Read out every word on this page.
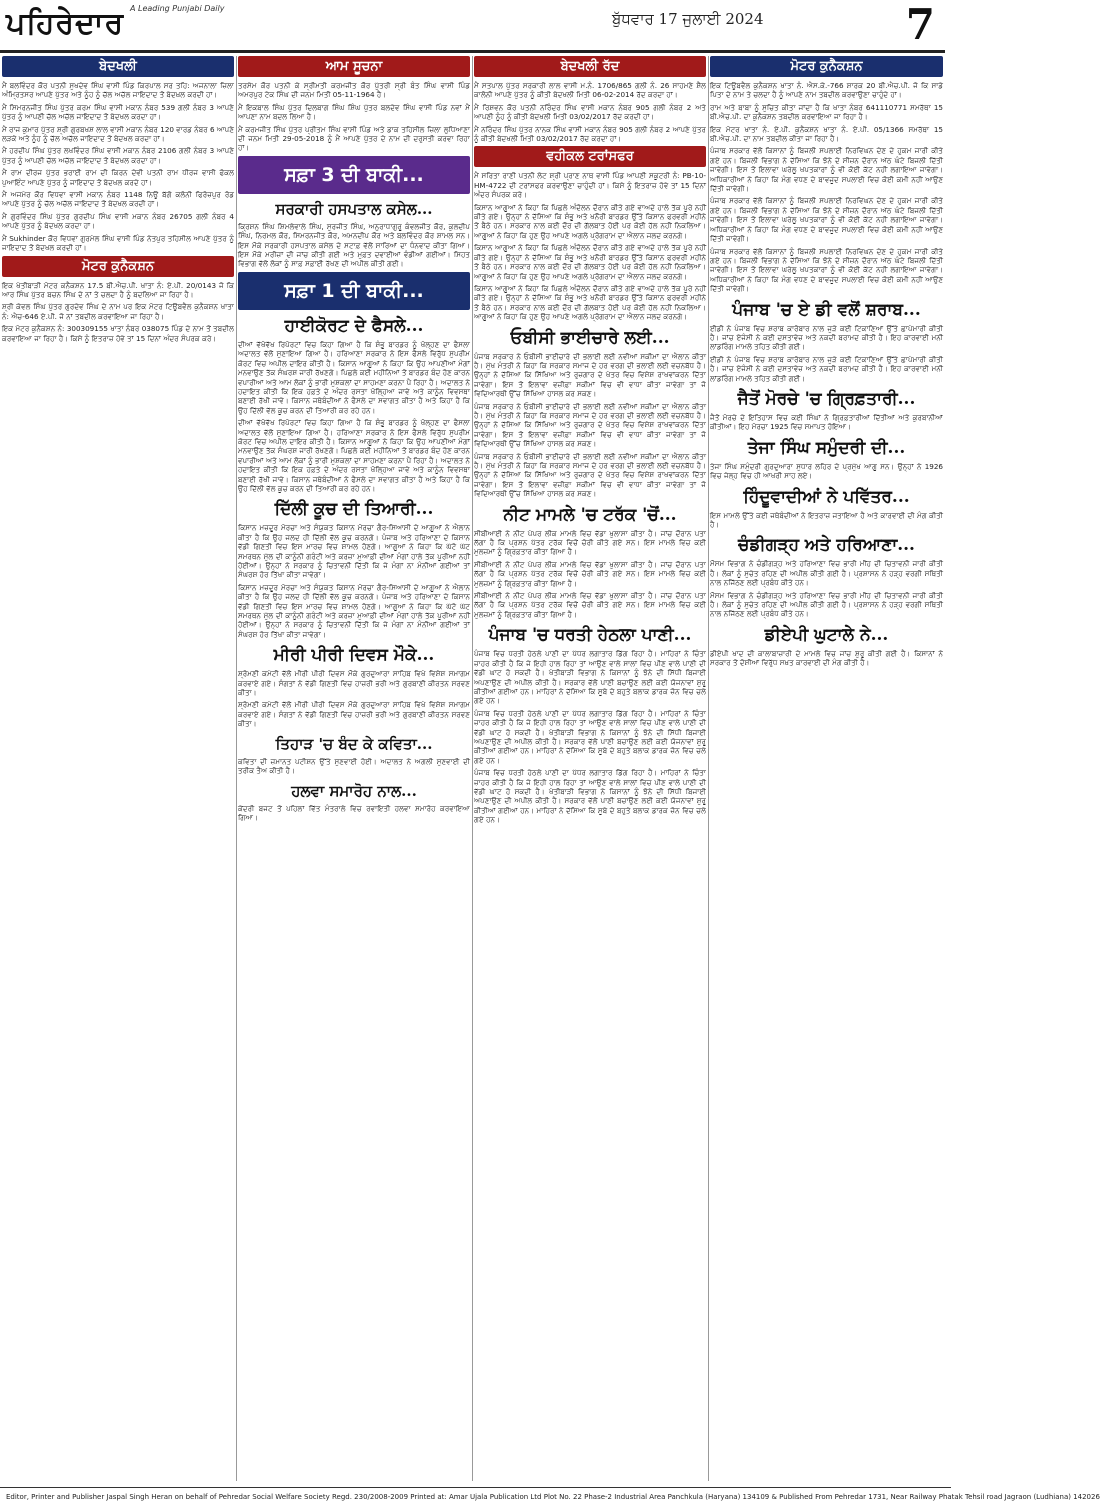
ਪਹਿਰੇਦਾਰ A Leading Punjabi Daily
ਬੁੱਧਵਾਰ 17 ਜੁਲਾਈ 2024	7
ਬੇਦਖਲੀ
ਮੈਂ ਬਲਵਿੰਦਰ ਕੌਰ ਪਤਨੀ ਸੁਖਦੇਵ ਸਿੰਘ ਵਾਸੀ ਪਿੰਡ ਕਿਰਪਾਲ ਸਰ ਤਹਿ: ਅਜਨਾਲਾ ਜ਼ਿਲਾ ਅੰਮ੍ਰਿਤਸਰ ਆਪਣੇ ਪੁੱਤਰ ਅਤੇ ਨੂੰਹ ਨੂੰ ਚੱਲ ਅਚੱਲ ਜਾਇਦਾਦ ਤੋਂ ਬੇਦਖ਼ਲ ਕਰਦੀ ਹਾਂ।
ਮੈਂ ਸਿਮਰਨਜੀਤ ਸਿੰਘ ਪੁੱਤਰ ਕਰਮ ਸਿੰਘ ਵਾਸੀ ਮਕਾਨ ਨੰਬਰ 539 ਗਲੀ ਨੰਬਰ 3 ਆਪਣੇ ਪੁੱਤਰ ਨੂੰ ਆਪਣੀ ਚੱਲ ਅਚੱਲ ਜਾਇਦਾਦ ਤੋਂ ਬੇਦਖਲ ਕਰਦਾ ਹਾਂ।
ਮੈਂ ਰਾਜ ਕੁਮਾਰ ਪੁੱਤਰ ਸ਼੍ਰੀ ਗੁਰਬਖਸ਼ ਲਾਲ ਵਾਸੀ ਮਕਾਨ ਨੰਬਰ 120 ਵਾਰਡ ਨੰਬਰ 6 ਆਪਣੇ ਲੜਕੇ ਅਤੇ ਨੂੰਹ ਨੂੰ ਚੱਲ ਅਚੱਲ ਜਾਇਦਾਦ ਤੋਂ ਬੇਦਖਲ ਕਰਦਾ ਹਾਂ।
ਮੈਂ ਹਰਦੀਪ ਸਿੰਘ ਪੁੱਤਰ ਲਖਵਿੰਦਰ ਸਿੰਘ ਵਾਸੀ ਮਕਾਨ ਨੰਬਰ 2106 ਗਲੀ ਨੰਬਰ 3 ਆਪਣੇ ਪੁੱਤਰ ਨੂੰ ਆਪਣੀ ਚੱਲ ਅਚੱਲ ਜਾਇਦਾਦ ਤੋਂ ਬੇਦਖਲ ਕਰਦਾ ਹਾਂ।
ਮੈਂ ਰਾਮ ਦੀਰਜ ਪੁੱਤਰ ਭਰਾਈ ਰਾਮ ਦੀ ਕਿਰਨ ਦੇਵੀ ਪਤਨੀ ਰਾਮ ਧੀਰਜ ਵਾਸੀ ਫੋਕਲ ਪੁਆਇੰਟ ਆਪਣੇ ਪੁੱਤਰ ਨੂੰ ਜਾਇਦਾਦ ਤੋਂ ਬੇਦਖਲ ਕਰਦੇ ਹਾਂ।
ਮੈਂ ਅਜਮੇਰ ਕੌਰ ਵਿਧਵਾ ਵਾਸੀ ਮਕਾਨ ਨੰਬਰ 1148 ਨਿਊ ਬੱਗੋ ਕਲੋਨੀ ਫਿਰੋਜ਼ਪੁਰ ਰੋਡ ਆਪਣੇ ਪੁੱਤਰ ਨੂੰ ਚੱਲ ਅਚੱਲ ਜਾਇਦਾਦ ਤੋਂ ਬੇਦਖਲ ਕਰਦੀ ਹਾਂ।
ਮੈਂ ਗੁਰਵਿੰਦਰ ਸਿੰਘ ਪੁੱਤਰ ਗੁਰਦੀਪ ਸਿੰਘ ਵਾਸੀ ਮਕਾਨ ਨੰਬਰ 26705 ਗਲੀ ਨੰਬਰ 4 ਆਪਣੇ ਪੁੱਤਰ ਨੂੰ ਬੇਦਖਲ ਕਰਦਾ ਹਾਂ।
ਮੈਂ Sukhinder ਕੌਰ ਵਿਧਵਾ ਗੁਰਮੇਲ ਸਿੰਘ ਵਾਸੀ ਪਿੰਡ ਨੇਤਪੁਰ ਤਹਿਸੀਲ ਆਪਣੇ ਪੁੱਤਰ ਨੂੰ ਜਾਇਦਾਦ ਤੋਂ ਬੇਦਖਲ ਕਰਦੀ ਹਾਂ।
ਮੋਟਰ ਕੁਨੈਕਸ਼ਨ
ਇਕ ਖੇਤੀਬਾੜੀ ਮੋਟਰ ਕਨੈਕਸ਼ਨ 17.5 ਬੀ.ਐਚ.ਪੀ. ਖਾਤਾ ਨੰ: ਏ.ਪੀ. 20/0143 ਜੋ ਕਿ ਆਰ ਸਿੰਘ ਪੁੱਤਰ ਬਚਨ ਸਿੰਘ ਦੇ ਨਾਂ ਤੇ ਚਲਦਾ ਹੈ ਨੂੰ ਬਦਲਿਆ ਜਾ ਰਿਹਾ ਹੈ।
ਸ਼੍ਰੀ ਕੇਵਲ ਸਿੰਘ ਪੁੱਤਰ ਗੁਰਦੇਵ ਸਿੰਘ ਦੇ ਨਾਮ ਪਰ ਇਕ ਮੋਟਰ ਟਿਊਬਵੈਲ ਕੁਨੈਕਸ਼ਨ ਖਾਤਾ ਨੰ: ਐਚ-646 ਏ.ਪੀ. ਜੋ ਨਾਂ ਤਬਦੀਲ ਕਰਵਾਇਆ ਜਾ ਰਿਹਾ ਹੈ।
ਇਕ ਮੋਟਰ ਕੁਨੈਕਸ਼ਨ ਨੰ: 300309155 ਖਾਤਾ ਨੰਬਰ 038075 ਪਿੰਡ ਦੇ ਨਾਮ ਤੋਂ ਤਬਦੀਲ ਕਰਵਾਇਆ ਜਾ ਰਿਹਾ ਹੈ। ਕਿਸੇ ਨੂੰ ਇਤਰਾਜ਼ ਹੋਵੇ ਤਾਂ 15 ਦਿਨਾਂ ਅੰਦਰ ਸੰਪਰਕ ਕਰੇ।
ਆਮ ਸੂਚਨਾ
ਤਰਸੇਮ ਕੌਰ ਪਤਨੀ ਕੇ ਸ੍ਰੀਮਤੀ ਕਰਮਜੀਤ ਕੌਰ ਪੁੱਤਰੀ ਸ੍ਰੀ ਬੰਤ ਸਿੰਘ ਵਾਸੀ ਪਿੰਡ ਅਮਰਪੁਰ ਟੇਕ ਸਿੰਘ ਦੀ ਜਨਮ ਮਿਤੀ 05-11-1964 ਹੈ।
ਮੈਂ ਇਕਬਾਲ ਸਿੰਘ ਪੁੱਤਰ ਦਿਲਬਾਗ ਸਿੰਘ ਸ਼ਿੰਘ ਪੁੱਤਰ ਬਲਦੇਵ ਸਿੰਘ ਵਾਸੀ ਪਿੰਡ ਨਵਾਂ ਮੈਂ ਆਪਣਾ ਨਾਮ ਬਦਲ ਲਿਆ ਹੈ।
ਮੈਂ ਕਰਮਜੀਤ ਸਿੰਘ ਪੁੱਤਰ ਪ੍ਰੀਤਮ ਸਿੰਘ ਵਾਸੀ ਪਿੰਡ ਅਤੇ ਡਾਕ ਤਹਿਸੀਲ ਜ਼ਿਲਾ ਲੁਧਿਆਣਾ ਦੀ ਜਨਮ ਮਿਤੀ 29-05-2018 ਨੂੰ ਮੈਂ ਆਪਣੇ ਪੁੱਤਰ ਦੇ ਨਾਮ ਦੀ ਦਰੁਸਤੀ ਕਰਵਾ ਰਿਹਾ ਹਾਂ।
ਸਫ਼ਾ 3 ਦੀ ਬਾਕੀ...
ਸਰਕਾਰੀ ਹਸਪਤਾਲ ਕਸੇਲ...

ਕ੍ਰਿਸ਼ਨ ਸਿੰਘ ਸ਼ਿਮਲੇਵਾਲੇ ਸਿੰਘ, ਸੁਰਜੀਤ ਸਿੰਘ, ਅਨੁਰਾਧਾਗੁਰੂ ਕੰਵਲਜੀਤ ਕੌਰ, ਕੁਲਦੀਪ ਸਿੰਘ, ਨਿਰਮਲ ਕੌਰ, ਸਿਮਰਨਜੀਤ ਕੌਰ, ਅਮਨਦੀਪ ਕੌਰ ਅਤੇ ਬਲਵਿੰਦਰ ਕੌਰ ਸ਼ਾਮਲ ਸਨ। ਇਸ ਮੌਕੇ ਸਰਕਾਰੀ ਹਸਪਤਾਲ ਕਸੇਲ ਦੇ ਸਟਾਫ਼ ਵੱਲੋਂ ਸਾਰਿਆਂ ਦਾ ਧੰਨਵਾਦ ਕੀਤਾ ਗਿਆ। ਇਸ ਮੌਕੇ ਮਰੀਜ਼ਾਂ ਦੀ ਜਾਂਚ ਕੀਤੀ ਗਈ ਅਤੇ ਮੁਫ਼ਤ ਦਵਾਈਆਂ ਵੰਡੀਆਂ ਗਈਆਂ। ਸਿਹਤ ਵਿਭਾਗ ਵੱਲੋਂ ਲੋਕਾਂ ਨੂੰ ਸਾਫ਼ ਸਫ਼ਾਈ ਰੱਖਣ ਦੀ ਅਪੀਲ ਕੀਤੀ ਗਈ।

ਸਫ਼ਾ 1 ਦੀ ਬਾਕੀ...
ਹਾਈਕੋਰਟ ਦੇ ਫੈਸਲੇ...

ਦੀਆਂ ਵੱਖੋਵੱਖ ਰਿਪੋਰਟਾਂ ਵਿਚ ਕਿਹਾ ਗਿਆ ਹੈ ਕਿ ਸ਼ੰਭੂ ਬਾਰਡਰ ਨੂੰ ਖੋਲ੍ਹਣ ਦਾ ਫੈਸਲਾ ਅਦਾਲਤ ਵੱਲੋਂ ਸੁਣਾਇਆ ਗਿਆ ਹੈ। ਹਰਿਆਣਾ ਸਰਕਾਰ ਨੇ ਇਸ ਫੈਸਲੇ ਵਿਰੁੱਧ ਸੁਪਰੀਮ ਕੋਰਟ ਵਿਚ ਅਪੀਲ ਦਾਇਰ ਕੀਤੀ ਹੈ। ਕਿਸਾਨ ਆਗੂਆਂ ਨੇ ਕਿਹਾ ਕਿ ਉਹ ਆਪਣੀਆਂ ਮੰਗਾਂ ਮਨਵਾਉਣ ਤੱਕ ਸੰਘਰਸ਼ ਜਾਰੀ ਰੱਖਣਗੇ। ਪਿਛਲੇ ਕਈ ਮਹੀਨਿਆਂ ਤੋਂ ਬਾਰਡਰ ਬੰਦ ਹੋਣ ਕਾਰਨ ਵਪਾਰੀਆਂ ਅਤੇ ਆਮ ਲੋਕਾਂ ਨੂੰ ਭਾਰੀ ਮੁਸ਼ਕਲਾਂ ਦਾ ਸਾਹਮਣਾ ਕਰਨਾ ਪੈ ਰਿਹਾ ਹੈ। ਅਦਾਲਤ ਨੇ ਹਦਾਇਤ ਕੀਤੀ ਕਿ ਇਕ ਹਫ਼ਤੇ ਦੇ ਅੰਦਰ ਰਸਤਾ ਖੋਲ੍ਹਿਆ ਜਾਵੇ ਅਤੇ ਕਾਨੂੰਨ ਵਿਵਸਥਾ ਬਣਾਈ ਰੱਖੀ ਜਾਵੇ। ਕਿਸਾਨ ਜਥੇਬੰਦੀਆਂ ਨੇ ਫੈਸਲੇ ਦਾ ਸਵਾਗਤ ਕੀਤਾ ਹੈ ਅਤੇ ਕਿਹਾ ਹੈ ਕਿ ਉਹ ਦਿੱਲੀ ਵੱਲ ਕੂਚ ਕਰਨ ਦੀ ਤਿਆਰੀ ਕਰ ਰਹੇ ਹਨ।

ਦੀਆਂ ਵੱਖੋਵੱਖ ਰਿਪੋਰਟਾਂ ਵਿਚ ਕਿਹਾ ਗਿਆ ਹੈ ਕਿ ਸ਼ੰਭੂ ਬਾਰਡਰ ਨੂੰ ਖੋਲ੍ਹਣ ਦਾ ਫੈਸਲਾ ਅਦਾਲਤ ਵੱਲੋਂ ਸੁਣਾਇਆ ਗਿਆ ਹੈ। ਹਰਿਆਣਾ ਸਰਕਾਰ ਨੇ ਇਸ ਫੈਸਲੇ ਵਿਰੁੱਧ ਸੁਪਰੀਮ ਕੋਰਟ ਵਿਚ ਅਪੀਲ ਦਾਇਰ ਕੀਤੀ ਹੈ। ਕਿਸਾਨ ਆਗੂਆਂ ਨੇ ਕਿਹਾ ਕਿ ਉਹ ਆਪਣੀਆਂ ਮੰਗਾਂ ਮਨਵਾਉਣ ਤੱਕ ਸੰਘਰਸ਼ ਜਾਰੀ ਰੱਖਣਗੇ। ਪਿਛਲੇ ਕਈ ਮਹੀਨਿਆਂ ਤੋਂ ਬਾਰਡਰ ਬੰਦ ਹੋਣ ਕਾਰਨ ਵਪਾਰੀਆਂ ਅਤੇ ਆਮ ਲੋਕਾਂ ਨੂੰ ਭਾਰੀ ਮੁਸ਼ਕਲਾਂ ਦਾ ਸਾਹਮਣਾ ਕਰਨਾ ਪੈ ਰਿਹਾ ਹੈ। ਅਦਾਲਤ ਨੇ ਹਦਾਇਤ ਕੀਤੀ ਕਿ ਇਕ ਹਫ਼ਤੇ ਦੇ ਅੰਦਰ ਰਸਤਾ ਖੋਲ੍ਹਿਆ ਜਾਵੇ ਅਤੇ ਕਾਨੂੰਨ ਵਿਵਸਥਾ ਬਣਾਈ ਰੱਖੀ ਜਾਵੇ। ਕਿਸਾਨ ਜਥੇਬੰਦੀਆਂ ਨੇ ਫੈਸਲੇ ਦਾ ਸਵਾਗਤ ਕੀਤਾ ਹੈ ਅਤੇ ਕਿਹਾ ਹੈ ਕਿ ਉਹ ਦਿੱਲੀ ਵੱਲ ਕੂਚ ਕਰਨ ਦੀ ਤਿਆਰੀ ਕਰ ਰਹੇ ਹਨ।

ਦਿੱਲੀ ਕੂਚ ਦੀ ਤਿਆਰੀ...

ਕਿਸਾਨ ਮਜ਼ਦੂਰ ਮੋਰਚਾ ਅਤੇ ਸੰਯੁਕਤ ਕਿਸਾਨ ਮੋਰਚਾ ਗੈਰ-ਸਿਆਸੀ ਦੇ ਆਗੂਆਂ ਨੇ ਐਲਾਨ ਕੀਤਾ ਹੈ ਕਿ ਉਹ ਜਲਦ ਹੀ ਦਿੱਲੀ ਵੱਲ ਕੂਚ ਕਰਨਗੇ। ਪੰਜਾਬ ਅਤੇ ਹਰਿਆਣਾ ਦੇ ਕਿਸਾਨ ਵੱਡੀ ਗਿਣਤੀ ਵਿਚ ਇਸ ਮਾਰਚ ਵਿਚ ਸ਼ਾਮਲ ਹੋਣਗੇ। ਆਗੂਆਂ ਨੇ ਕਿਹਾ ਕਿ ਘੱਟੋ ਘੱਟ ਸਮਰਥਨ ਮੁੱਲ ਦੀ ਕਾਨੂੰਨੀ ਗਰੰਟੀ ਅਤੇ ਕਰਜ਼ਾ ਮੁਆਫ਼ੀ ਦੀਆਂ ਮੰਗਾਂ ਹਾਲੇ ਤੱਕ ਪੂਰੀਆਂ ਨਹੀਂ ਹੋਈਆਂ। ਉਨ੍ਹਾਂ ਨੇ ਸਰਕਾਰ ਨੂੰ ਚਿਤਾਵਨੀ ਦਿੱਤੀ ਕਿ ਜੇ ਮੰਗਾਂ ਨਾ ਮੰਨੀਆਂ ਗਈਆਂ ਤਾਂ ਸੰਘਰਸ਼ ਹੋਰ ਤਿੱਖਾ ਕੀਤਾ ਜਾਵੇਗਾ।

ਕਿਸਾਨ ਮਜ਼ਦੂਰ ਮੋਰਚਾ ਅਤੇ ਸੰਯੁਕਤ ਕਿਸਾਨ ਮੋਰਚਾ ਗੈਰ-ਸਿਆਸੀ ਦੇ ਆਗੂਆਂ ਨੇ ਐਲਾਨ ਕੀਤਾ ਹੈ ਕਿ ਉਹ ਜਲਦ ਹੀ ਦਿੱਲੀ ਵੱਲ ਕੂਚ ਕਰਨਗੇ। ਪੰਜਾਬ ਅਤੇ ਹਰਿਆਣਾ ਦੇ ਕਿਸਾਨ ਵੱਡੀ ਗਿਣਤੀ ਵਿਚ ਇਸ ਮਾਰਚ ਵਿਚ ਸ਼ਾਮਲ ਹੋਣਗੇ। ਆਗੂਆਂ ਨੇ ਕਿਹਾ ਕਿ ਘੱਟੋ ਘੱਟ ਸਮਰਥਨ ਮੁੱਲ ਦੀ ਕਾਨੂੰਨੀ ਗਰੰਟੀ ਅਤੇ ਕਰਜ਼ਾ ਮੁਆਫ਼ੀ ਦੀਆਂ ਮੰਗਾਂ ਹਾਲੇ ਤੱਕ ਪੂਰੀਆਂ ਨਹੀਂ ਹੋਈਆਂ। ਉਨ੍ਹਾਂ ਨੇ ਸਰਕਾਰ ਨੂੰ ਚਿਤਾਵਨੀ ਦਿੱਤੀ ਕਿ ਜੇ ਮੰਗਾਂ ਨਾ ਮੰਨੀਆਂ ਗਈਆਂ ਤਾਂ ਸੰਘਰਸ਼ ਹੋਰ ਤਿੱਖਾ ਕੀਤਾ ਜਾਵੇਗਾ।

ਮੀਰੀ ਪੀਰੀ ਦਿਵਸ ਮੌਕੇ...

ਸ਼੍ਰੋਮਣੀ ਕਮੇਟੀ ਵੱਲੋਂ ਮੀਰੀ ਪੀਰੀ ਦਿਵਸ ਮੌਕੇ ਗੁਰਦੁਆਰਾ ਸਾਹਿਬ ਵਿਖੇ ਵਿਸ਼ੇਸ਼ ਸਮਾਗਮ ਕਰਵਾਏ ਗਏ। ਸੰਗਤਾਂ ਨੇ ਵੱਡੀ ਗਿਣਤੀ ਵਿਚ ਹਾਜ਼ਰੀ ਭਰੀ ਅਤੇ ਗੁਰਬਾਣੀ ਕੀਰਤਨ ਸਰਵਣ ਕੀਤਾ।

ਸ਼੍ਰੋਮਣੀ ਕਮੇਟੀ ਵੱਲੋਂ ਮੀਰੀ ਪੀਰੀ ਦਿਵਸ ਮੌਕੇ ਗੁਰਦੁਆਰਾ ਸਾਹਿਬ ਵਿਖੇ ਵਿਸ਼ੇਸ਼ ਸਮਾਗਮ ਕਰਵਾਏ ਗਏ। ਸੰਗਤਾਂ ਨੇ ਵੱਡੀ ਗਿਣਤੀ ਵਿਚ ਹਾਜ਼ਰੀ ਭਰੀ ਅਤੇ ਗੁਰਬਾਣੀ ਕੀਰਤਨ ਸਰਵਣ ਕੀਤਾ।

ਤਿਹਾੜ 'ਚ ਬੰਦ ਕੇ ਕਵਿਤਾ...

ਕਵਿਤਾ ਦੀ ਜ਼ਮਾਨਤ ਪਟੀਸ਼ਨ ਉੱਤੇ ਸੁਣਵਾਈ ਹੋਈ। ਅਦਾਲਤ ਨੇ ਅਗਲੀ ਸੁਣਵਾਈ ਦੀ ਤਰੀਕ ਤੈਅ ਕੀਤੀ ਹੈ।

ਹਲਵਾ ਸਮਾਰੋਹ ਨਾਲ...

ਕੇਂਦਰੀ ਬਜਟ ਤੋਂ ਪਹਿਲਾਂ ਵਿੱਤ ਮੰਤਰਾਲੇ ਵਿਚ ਰਵਾਇਤੀ ਹਲਵਾ ਸਮਾਰੋਹ ਕਰਵਾਇਆ ਗਿਆ।

ਬੇਦਖਲੀ ਰੱਦ
ਮੈਂ ਸਤਪਾਲ ਪੁੱਤਰ ਸਰਕਾਰੀ ਲਾਲ ਵਾਸੀ ਮ.ਨੰ. 1706/865 ਗਲੀ ਨੰ. 26 ਸਾਹਮਣੇ ਸ਼ੈਲ ਕਾਲੋਨੀ ਆਪਣੇ ਪੁੱਤਰ ਨੂੰ ਕੀਤੀ ਬੇਦਖਲੀ ਮਿਤੀ 06-02-2014 ਰੱਦ ਕਰਦਾ ਹਾਂ।
ਮੈਂ ਰਿਸ਼ਵਨ ਕੌਰ ਪਤਨੀ ਨਰਿੰਦਰ ਸਿੰਘ ਵਾਸੀ ਮਕਾਨ ਨੰਬਰ 905 ਗਲੀ ਨੰਬਰ 2 ਅਤੇ ਆਪਣੀ ਨੂੰਹ ਨੂੰ ਕੀਤੀ ਬੇਦਖਲੀ ਮਿਤੀ 03/02/2017 ਰੱਦ ਕਰਦੀ ਹਾਂ।
ਮੈਂ ਨਰਿੰਦਰ ਸਿੰਘ ਪੁੱਤਰ ਨਾਨਕ ਸਿੰਘ ਵਾਸੀ ਮਕਾਨ ਨੰਬਰ 905 ਗਲੀ ਨੰਬਰ 2 ਆਪਣੇ ਪੁੱਤਰ ਨੂੰ ਕੀਤੀ ਬੇਦਖਲੀ ਮਿਤੀ 03/02/2017 ਰੱਦ ਕਰਦਾ ਹਾਂ।
ਵਹੀਕਲ ਟਰਾਂਸਫਰ
ਮੈਂ ਸਰਿਤਾ ਰਾਣੀ ਪਤਨੀ ਲੇਟ ਸ਼੍ਰੀ ਪ੍ਰਾਣ ਨਾਥ ਵਾਸੀ ਪਿੰਡ ਆਪਣੀ ਸਕੂਟਰੀ ਨੰ: PB-10-HM-4722 ਦੀ ਟਰਾਂਸਫਰ ਕਰਵਾਉਣਾ ਚਾਹੁੰਦੀ ਹਾਂ। ਕਿਸੇ ਨੂੰ ਇਤਰਾਜ਼ ਹੋਵੇ ਤਾਂ 15 ਦਿਨਾਂ ਅੰਦਰ ਸੰਪਰਕ ਕਰੇ।

ਕਿਸਾਨ ਆਗੂਆਂ ਨੇ ਕਿਹਾ ਕਿ ਪਿਛਲੇ ਅੰਦੋਲਨ ਦੌਰਾਨ ਕੀਤੇ ਗਏ ਵਾਅਦੇ ਹਾਲੇ ਤੱਕ ਪੂਰੇ ਨਹੀਂ ਕੀਤੇ ਗਏ। ਉਨ੍ਹਾਂ ਨੇ ਦੱਸਿਆ ਕਿ ਸ਼ੰਭੂ ਅਤੇ ਖਨੌਰੀ ਬਾਰਡਰ ਉੱਤੇ ਕਿਸਾਨ ਫਰਵਰੀ ਮਹੀਨੇ ਤੋਂ ਬੈਠੇ ਹਨ। ਸਰਕਾਰ ਨਾਲ ਕਈ ਦੌਰ ਦੀ ਗੱਲਬਾਤ ਹੋਈ ਪਰ ਕੋਈ ਹੱਲ ਨਹੀਂ ਨਿਕਲਿਆ। ਆਗੂਆਂ ਨੇ ਕਿਹਾ ਕਿ ਹੁਣ ਉਹ ਆਪਣੇ ਅਗਲੇ ਪ੍ਰੋਗਰਾਮ ਦਾ ਐਲਾਨ ਜਲਦ ਕਰਨਗੇ।

ਕਿਸਾਨ ਆਗੂਆਂ ਨੇ ਕਿਹਾ ਕਿ ਪਿਛਲੇ ਅੰਦੋਲਨ ਦੌਰਾਨ ਕੀਤੇ ਗਏ ਵਾਅਦੇ ਹਾਲੇ ਤੱਕ ਪੂਰੇ ਨਹੀਂ ਕੀਤੇ ਗਏ। ਉਨ੍ਹਾਂ ਨੇ ਦੱਸਿਆ ਕਿ ਸ਼ੰਭੂ ਅਤੇ ਖਨੌਰੀ ਬਾਰਡਰ ਉੱਤੇ ਕਿਸਾਨ ਫਰਵਰੀ ਮਹੀਨੇ ਤੋਂ ਬੈਠੇ ਹਨ। ਸਰਕਾਰ ਨਾਲ ਕਈ ਦੌਰ ਦੀ ਗੱਲਬਾਤ ਹੋਈ ਪਰ ਕੋਈ ਹੱਲ ਨਹੀਂ ਨਿਕਲਿਆ। ਆਗੂਆਂ ਨੇ ਕਿਹਾ ਕਿ ਹੁਣ ਉਹ ਆਪਣੇ ਅਗਲੇ ਪ੍ਰੋਗਰਾਮ ਦਾ ਐਲਾਨ ਜਲਦ ਕਰਨਗੇ।

ਕਿਸਾਨ ਆਗੂਆਂ ਨੇ ਕਿਹਾ ਕਿ ਪਿਛਲੇ ਅੰਦੋਲਨ ਦੌਰਾਨ ਕੀਤੇ ਗਏ ਵਾਅਦੇ ਹਾਲੇ ਤੱਕ ਪੂਰੇ ਨਹੀਂ ਕੀਤੇ ਗਏ। ਉਨ੍ਹਾਂ ਨੇ ਦੱਸਿਆ ਕਿ ਸ਼ੰਭੂ ਅਤੇ ਖਨੌਰੀ ਬਾਰਡਰ ਉੱਤੇ ਕਿਸਾਨ ਫਰਵਰੀ ਮਹੀਨੇ ਤੋਂ ਬੈਠੇ ਹਨ। ਸਰਕਾਰ ਨਾਲ ਕਈ ਦੌਰ ਦੀ ਗੱਲਬਾਤ ਹੋਈ ਪਰ ਕੋਈ ਹੱਲ ਨਹੀਂ ਨਿਕਲਿਆ। ਆਗੂਆਂ ਨੇ ਕਿਹਾ ਕਿ ਹੁਣ ਉਹ ਆਪਣੇ ਅਗਲੇ ਪ੍ਰੋਗਰਾਮ ਦਾ ਐਲਾਨ ਜਲਦ ਕਰਨਗੇ।

ਓਬੀਸੀ ਭਾਈਚਾਰੇ ਲਈ...

ਪੰਜਾਬ ਸਰਕਾਰ ਨੇ ਓਬੀਸੀ ਭਾਈਚਾਰੇ ਦੀ ਭਲਾਈ ਲਈ ਨਵੀਆਂ ਸਕੀਮਾਂ ਦਾ ਐਲਾਨ ਕੀਤਾ ਹੈ। ਮੁੱਖ ਮੰਤਰੀ ਨੇ ਕਿਹਾ ਕਿ ਸਰਕਾਰ ਸਮਾਜ ਦੇ ਹਰ ਵਰਗ ਦੀ ਭਲਾਈ ਲਈ ਵਚਨਬੱਧ ਹੈ। ਉਨ੍ਹਾਂ ਨੇ ਦੱਸਿਆ ਕਿ ਸਿੱਖਿਆ ਅਤੇ ਰੁਜ਼ਗਾਰ ਦੇ ਖੇਤਰ ਵਿਚ ਵਿਸ਼ੇਸ਼ ਰਾਖਵਾਂਕਰਨ ਦਿੱਤਾ ਜਾਵੇਗਾ। ਇਸ ਤੋਂ ਇਲਾਵਾ ਵਜ਼ੀਫ਼ਾ ਸਕੀਮਾਂ ਵਿਚ ਵੀ ਵਾਧਾ ਕੀਤਾ ਜਾਵੇਗਾ ਤਾਂ ਜੋ ਵਿਦਿਆਰਥੀ ਉੱਚ ਸਿੱਖਿਆ ਹਾਸਲ ਕਰ ਸਕਣ।

ਪੰਜਾਬ ਸਰਕਾਰ ਨੇ ਓਬੀਸੀ ਭਾਈਚਾਰੇ ਦੀ ਭਲਾਈ ਲਈ ਨਵੀਆਂ ਸਕੀਮਾਂ ਦਾ ਐਲਾਨ ਕੀਤਾ ਹੈ। ਮੁੱਖ ਮੰਤਰੀ ਨੇ ਕਿਹਾ ਕਿ ਸਰਕਾਰ ਸਮਾਜ ਦੇ ਹਰ ਵਰਗ ਦੀ ਭਲਾਈ ਲਈ ਵਚਨਬੱਧ ਹੈ। ਉਨ੍ਹਾਂ ਨੇ ਦੱਸਿਆ ਕਿ ਸਿੱਖਿਆ ਅਤੇ ਰੁਜ਼ਗਾਰ ਦੇ ਖੇਤਰ ਵਿਚ ਵਿਸ਼ੇਸ਼ ਰਾਖਵਾਂਕਰਨ ਦਿੱਤਾ ਜਾਵੇਗਾ। ਇਸ ਤੋਂ ਇਲਾਵਾ ਵਜ਼ੀਫ਼ਾ ਸਕੀਮਾਂ ਵਿਚ ਵੀ ਵਾਧਾ ਕੀਤਾ ਜਾਵੇਗਾ ਤਾਂ ਜੋ ਵਿਦਿਆਰਥੀ ਉੱਚ ਸਿੱਖਿਆ ਹਾਸਲ ਕਰ ਸਕਣ।

ਪੰਜਾਬ ਸਰਕਾਰ ਨੇ ਓਬੀਸੀ ਭਾਈਚਾਰੇ ਦੀ ਭਲਾਈ ਲਈ ਨਵੀਆਂ ਸਕੀਮਾਂ ਦਾ ਐਲਾਨ ਕੀਤਾ ਹੈ। ਮੁੱਖ ਮੰਤਰੀ ਨੇ ਕਿਹਾ ਕਿ ਸਰਕਾਰ ਸਮਾਜ ਦੇ ਹਰ ਵਰਗ ਦੀ ਭਲਾਈ ਲਈ ਵਚਨਬੱਧ ਹੈ। ਉਨ੍ਹਾਂ ਨੇ ਦੱਸਿਆ ਕਿ ਸਿੱਖਿਆ ਅਤੇ ਰੁਜ਼ਗਾਰ ਦੇ ਖੇਤਰ ਵਿਚ ਵਿਸ਼ੇਸ਼ ਰਾਖਵਾਂਕਰਨ ਦਿੱਤਾ ਜਾਵੇਗਾ। ਇਸ ਤੋਂ ਇਲਾਵਾ ਵਜ਼ੀਫ਼ਾ ਸਕੀਮਾਂ ਵਿਚ ਵੀ ਵਾਧਾ ਕੀਤਾ ਜਾਵੇਗਾ ਤਾਂ ਜੋ ਵਿਦਿਆਰਥੀ ਉੱਚ ਸਿੱਖਿਆ ਹਾਸਲ ਕਰ ਸਕਣ।

ਨੀਟ ਮਾਮਲੇ 'ਚ ਟਰੱਕ 'ਚੋਂ...

ਸੀਬੀਆਈ ਨੇ ਨੀਟ ਪੇਪਰ ਲੀਕ ਮਾਮਲੇ ਵਿਚ ਵੱਡਾ ਖੁਲਾਸਾ ਕੀਤਾ ਹੈ। ਜਾਂਚ ਦੌਰਾਨ ਪਤਾ ਲੱਗਾ ਹੈ ਕਿ ਪ੍ਰਸ਼ਨ ਪੱਤਰ ਟਰੱਕ ਵਿਚੋਂ ਚੋਰੀ ਕੀਤੇ ਗਏ ਸਨ। ਇਸ ਮਾਮਲੇ ਵਿਚ ਕਈ ਮੁਲਜ਼ਮਾਂ ਨੂੰ ਗ੍ਰਿਫ਼ਤਾਰ ਕੀਤਾ ਗਿਆ ਹੈ।

ਸੀਬੀਆਈ ਨੇ ਨੀਟ ਪੇਪਰ ਲੀਕ ਮਾਮਲੇ ਵਿਚ ਵੱਡਾ ਖੁਲਾਸਾ ਕੀਤਾ ਹੈ। ਜਾਂਚ ਦੌਰਾਨ ਪਤਾ ਲੱਗਾ ਹੈ ਕਿ ਪ੍ਰਸ਼ਨ ਪੱਤਰ ਟਰੱਕ ਵਿਚੋਂ ਚੋਰੀ ਕੀਤੇ ਗਏ ਸਨ। ਇਸ ਮਾਮਲੇ ਵਿਚ ਕਈ ਮੁਲਜ਼ਮਾਂ ਨੂੰ ਗ੍ਰਿਫ਼ਤਾਰ ਕੀਤਾ ਗਿਆ ਹੈ।

ਸੀਬੀਆਈ ਨੇ ਨੀਟ ਪੇਪਰ ਲੀਕ ਮਾਮਲੇ ਵਿਚ ਵੱਡਾ ਖੁਲਾਸਾ ਕੀਤਾ ਹੈ। ਜਾਂਚ ਦੌਰਾਨ ਪਤਾ ਲੱਗਾ ਹੈ ਕਿ ਪ੍ਰਸ਼ਨ ਪੱਤਰ ਟਰੱਕ ਵਿਚੋਂ ਚੋਰੀ ਕੀਤੇ ਗਏ ਸਨ। ਇਸ ਮਾਮਲੇ ਵਿਚ ਕਈ ਮੁਲਜ਼ਮਾਂ ਨੂੰ ਗ੍ਰਿਫ਼ਤਾਰ ਕੀਤਾ ਗਿਆ ਹੈ।

ਪੰਜਾਬ 'ਚ ਧਰਤੀ ਹੇਠਲਾ ਪਾਣੀ...

ਪੰਜਾਬ ਵਿਚ ਧਰਤੀ ਹੇਠਲੇ ਪਾਣੀ ਦਾ ਪੱਧਰ ਲਗਾਤਾਰ ਡਿੱਗ ਰਿਹਾ ਹੈ। ਮਾਹਿਰਾਂ ਨੇ ਚਿੰਤਾ ਜ਼ਾਹਰ ਕੀਤੀ ਹੈ ਕਿ ਜੇ ਇਹੀ ਹਾਲ ਰਿਹਾ ਤਾਂ ਆਉਣ ਵਾਲੇ ਸਾਲਾਂ ਵਿਚ ਪੀਣ ਵਾਲੇ ਪਾਣੀ ਦੀ ਵੱਡੀ ਘਾਟ ਹੋ ਸਕਦੀ ਹੈ। ਖੇਤੀਬਾੜੀ ਵਿਭਾਗ ਨੇ ਕਿਸਾਨਾਂ ਨੂੰ ਝੋਨੇ ਦੀ ਸਿੱਧੀ ਬਿਜਾਈ ਅਪਣਾਉਣ ਦੀ ਅਪੀਲ ਕੀਤੀ ਹੈ। ਸਰਕਾਰ ਵੱਲੋਂ ਪਾਣੀ ਬਚਾਉਣ ਲਈ ਕਈ ਯੋਜਨਾਵਾਂ ਸ਼ੁਰੂ ਕੀਤੀਆਂ ਗਈਆਂ ਹਨ। ਮਾਹਿਰਾਂ ਨੇ ਦੱਸਿਆ ਕਿ ਸੂਬੇ ਦੇ ਬਹੁਤੇ ਬਲਾਕ ਡਾਰਕ ਜ਼ੋਨ ਵਿਚ ਚਲੇ ਗਏ ਹਨ।

ਪੰਜਾਬ ਵਿਚ ਧਰਤੀ ਹੇਠਲੇ ਪਾਣੀ ਦਾ ਪੱਧਰ ਲਗਾਤਾਰ ਡਿੱਗ ਰਿਹਾ ਹੈ। ਮਾਹਿਰਾਂ ਨੇ ਚਿੰਤਾ ਜ਼ਾਹਰ ਕੀਤੀ ਹੈ ਕਿ ਜੇ ਇਹੀ ਹਾਲ ਰਿਹਾ ਤਾਂ ਆਉਣ ਵਾਲੇ ਸਾਲਾਂ ਵਿਚ ਪੀਣ ਵਾਲੇ ਪਾਣੀ ਦੀ ਵੱਡੀ ਘਾਟ ਹੋ ਸਕਦੀ ਹੈ। ਖੇਤੀਬਾੜੀ ਵਿਭਾਗ ਨੇ ਕਿਸਾਨਾਂ ਨੂੰ ਝੋਨੇ ਦੀ ਸਿੱਧੀ ਬਿਜਾਈ ਅਪਣਾਉਣ ਦੀ ਅਪੀਲ ਕੀਤੀ ਹੈ। ਸਰਕਾਰ ਵੱਲੋਂ ਪਾਣੀ ਬਚਾਉਣ ਲਈ ਕਈ ਯੋਜਨਾਵਾਂ ਸ਼ੁਰੂ ਕੀਤੀਆਂ ਗਈਆਂ ਹਨ। ਮਾਹਿਰਾਂ ਨੇ ਦੱਸਿਆ ਕਿ ਸੂਬੇ ਦੇ ਬਹੁਤੇ ਬਲਾਕ ਡਾਰਕ ਜ਼ੋਨ ਵਿਚ ਚਲੇ ਗਏ ਹਨ।

ਪੰਜਾਬ ਵਿਚ ਧਰਤੀ ਹੇਠਲੇ ਪਾਣੀ ਦਾ ਪੱਧਰ ਲਗਾਤਾਰ ਡਿੱਗ ਰਿਹਾ ਹੈ। ਮਾਹਿਰਾਂ ਨੇ ਚਿੰਤਾ ਜ਼ਾਹਰ ਕੀਤੀ ਹੈ ਕਿ ਜੇ ਇਹੀ ਹਾਲ ਰਿਹਾ ਤਾਂ ਆਉਣ ਵਾਲੇ ਸਾਲਾਂ ਵਿਚ ਪੀਣ ਵਾਲੇ ਪਾਣੀ ਦੀ ਵੱਡੀ ਘਾਟ ਹੋ ਸਕਦੀ ਹੈ। ਖੇਤੀਬਾੜੀ ਵਿਭਾਗ ਨੇ ਕਿਸਾਨਾਂ ਨੂੰ ਝੋਨੇ ਦੀ ਸਿੱਧੀ ਬਿਜਾਈ ਅਪਣਾਉਣ ਦੀ ਅਪੀਲ ਕੀਤੀ ਹੈ। ਸਰਕਾਰ ਵੱਲੋਂ ਪਾਣੀ ਬਚਾਉਣ ਲਈ ਕਈ ਯੋਜਨਾਵਾਂ ਸ਼ੁਰੂ ਕੀਤੀਆਂ ਗਈਆਂ ਹਨ। ਮਾਹਿਰਾਂ ਨੇ ਦੱਸਿਆ ਕਿ ਸੂਬੇ ਦੇ ਬਹੁਤੇ ਬਲਾਕ ਡਾਰਕ ਜ਼ੋਨ ਵਿਚ ਚਲੇ ਗਏ ਹਨ।

ਮੋਟਰ ਕੁਨੈਕਸ਼ਨ
ਇਕ ਟਿਊਬਵੈਲ ਕੁਨੈਕਸ਼ਨ ਖਾਤਾ ਨੰ. ਐਸ.ਕੇ.-766 ਸ਼ਾਰਕ 20 ਬੀ.ਐਚ.ਪੀ. ਜੋ ਕਿ ਸਾਡੇ ਪਿਤਾ ਦੇ ਨਾਮ ਤੇ ਚਲਦਾ ਹੈ ਨੂੰ ਆਪਣੇ ਨਾਮ ਤਬਦੀਲ ਕਰਵਾਉਣਾ ਚਾਹੁੰਦੇ ਹਾਂ।
ਰਾਮ ਅਤੇ ਬਾਬਾ ਨੂੰ ਸੁਚਿਤ ਕੀਤਾ ਜਾਂਦਾ ਹੈ ਕਿ ਖਾਤਾ ਨੰਬਰ 641110771 ਸਮਰੱਥਾ 15 ਬੀ.ਐਚ.ਪੀ. ਦਾ ਕੁਨੈਕਸ਼ਨ ਤਬਦੀਲ ਕਰਵਾਇਆ ਜਾ ਰਿਹਾ ਹੈ।
ਇਕ ਮੋਟਰ ਖਾਤਾ ਨੰ. ਏ.ਪੀ. ਕੁਨੈਕਸ਼ਨ ਖਾਤਾ ਨੰ. ਏ.ਪੀ. 05/1366 ਸਮਰੱਥਾ 15 ਬੀ.ਐਚ.ਪੀ. ਦਾ ਨਾਮ ਤਬਦੀਲ ਕੀਤਾ ਜਾ ਰਿਹਾ ਹੈ।

ਪੰਜਾਬ ਸਰਕਾਰ ਵੱਲੋਂ ਕਿਸਾਨਾਂ ਨੂੰ ਬਿਜਲੀ ਸਪਲਾਈ ਨਿਰਵਿਘਨ ਦੇਣ ਦੇ ਹੁਕਮ ਜਾਰੀ ਕੀਤੇ ਗਏ ਹਨ। ਬਿਜਲੀ ਵਿਭਾਗ ਨੇ ਦੱਸਿਆ ਕਿ ਝੋਨੇ ਦੇ ਸੀਜ਼ਨ ਦੌਰਾਨ ਅੱਠ ਘੰਟੇ ਬਿਜਲੀ ਦਿੱਤੀ ਜਾਵੇਗੀ। ਇਸ ਤੋਂ ਇਲਾਵਾ ਘਰੇਲੂ ਖਪਤਕਾਰਾਂ ਨੂੰ ਵੀ ਕੋਈ ਕੱਟ ਨਹੀਂ ਲਗਾਇਆ ਜਾਵੇਗਾ। ਅਧਿਕਾਰੀਆਂ ਨੇ ਕਿਹਾ ਕਿ ਮੰਗ ਵਧਣ ਦੇ ਬਾਵਜੂਦ ਸਪਲਾਈ ਵਿਚ ਕੋਈ ਕਮੀ ਨਹੀਂ ਆਉਣ ਦਿੱਤੀ ਜਾਵੇਗੀ।

ਪੰਜਾਬ ਸਰਕਾਰ ਵੱਲੋਂ ਕਿਸਾਨਾਂ ਨੂੰ ਬਿਜਲੀ ਸਪਲਾਈ ਨਿਰਵਿਘਨ ਦੇਣ ਦੇ ਹੁਕਮ ਜਾਰੀ ਕੀਤੇ ਗਏ ਹਨ। ਬਿਜਲੀ ਵਿਭਾਗ ਨੇ ਦੱਸਿਆ ਕਿ ਝੋਨੇ ਦੇ ਸੀਜ਼ਨ ਦੌਰਾਨ ਅੱਠ ਘੰਟੇ ਬਿਜਲੀ ਦਿੱਤੀ ਜਾਵੇਗੀ। ਇਸ ਤੋਂ ਇਲਾਵਾ ਘਰੇਲੂ ਖਪਤਕਾਰਾਂ ਨੂੰ ਵੀ ਕੋਈ ਕੱਟ ਨਹੀਂ ਲਗਾਇਆ ਜਾਵੇਗਾ। ਅਧਿਕਾਰੀਆਂ ਨੇ ਕਿਹਾ ਕਿ ਮੰਗ ਵਧਣ ਦੇ ਬਾਵਜੂਦ ਸਪਲਾਈ ਵਿਚ ਕੋਈ ਕਮੀ ਨਹੀਂ ਆਉਣ ਦਿੱਤੀ ਜਾਵੇਗੀ।

ਪੰਜਾਬ ਸਰਕਾਰ ਵੱਲੋਂ ਕਿਸਾਨਾਂ ਨੂੰ ਬਿਜਲੀ ਸਪਲਾਈ ਨਿਰਵਿਘਨ ਦੇਣ ਦੇ ਹੁਕਮ ਜਾਰੀ ਕੀਤੇ ਗਏ ਹਨ। ਬਿਜਲੀ ਵਿਭਾਗ ਨੇ ਦੱਸਿਆ ਕਿ ਝੋਨੇ ਦੇ ਸੀਜ਼ਨ ਦੌਰਾਨ ਅੱਠ ਘੰਟੇ ਬਿਜਲੀ ਦਿੱਤੀ ਜਾਵੇਗੀ। ਇਸ ਤੋਂ ਇਲਾਵਾ ਘਰੇਲੂ ਖਪਤਕਾਰਾਂ ਨੂੰ ਵੀ ਕੋਈ ਕੱਟ ਨਹੀਂ ਲਗਾਇਆ ਜਾਵੇਗਾ। ਅਧਿਕਾਰੀਆਂ ਨੇ ਕਿਹਾ ਕਿ ਮੰਗ ਵਧਣ ਦੇ ਬਾਵਜੂਦ ਸਪਲਾਈ ਵਿਚ ਕੋਈ ਕਮੀ ਨਹੀਂ ਆਉਣ ਦਿੱਤੀ ਜਾਵੇਗੀ।

ਪੰਜਾਬ 'ਚ ਏ ਡੀ ਵਲੋਂ ਸ਼ਰਾਬ...

ਈਡੀ ਨੇ ਪੰਜਾਬ ਵਿਚ ਸ਼ਰਾਬ ਕਾਰੋਬਾਰ ਨਾਲ ਜੁੜੇ ਕਈ ਟਿਕਾਣਿਆਂ ਉੱਤੇ ਛਾਪੇਮਾਰੀ ਕੀਤੀ ਹੈ। ਜਾਂਚ ਏਜੰਸੀ ਨੇ ਕਈ ਦਸਤਾਵੇਜ਼ ਅਤੇ ਨਕਦੀ ਬਰਾਮਦ ਕੀਤੀ ਹੈ। ਇਹ ਕਾਰਵਾਈ ਮਨੀ ਲਾਂਡਰਿੰਗ ਮਾਮਲੇ ਤਹਿਤ ਕੀਤੀ ਗਈ।

ਈਡੀ ਨੇ ਪੰਜਾਬ ਵਿਚ ਸ਼ਰਾਬ ਕਾਰੋਬਾਰ ਨਾਲ ਜੁੜੇ ਕਈ ਟਿਕਾਣਿਆਂ ਉੱਤੇ ਛਾਪੇਮਾਰੀ ਕੀਤੀ ਹੈ। ਜਾਂਚ ਏਜੰਸੀ ਨੇ ਕਈ ਦਸਤਾਵੇਜ਼ ਅਤੇ ਨਕਦੀ ਬਰਾਮਦ ਕੀਤੀ ਹੈ। ਇਹ ਕਾਰਵਾਈ ਮਨੀ ਲਾਂਡਰਿੰਗ ਮਾਮਲੇ ਤਹਿਤ ਕੀਤੀ ਗਈ।

ਜੈਤੋਂ ਮੋਰਚੇ 'ਚ ਗ੍ਰਿਫ਼ਤਾਰੀ...

ਜੈਤੋਂ ਮੋਰਚੇ ਦੇ ਇਤਿਹਾਸ ਵਿਚ ਕਈ ਸਿੰਘਾਂ ਨੇ ਗ੍ਰਿਫ਼ਤਾਰੀਆਂ ਦਿੱਤੀਆਂ ਅਤੇ ਕੁਰਬਾਨੀਆਂ ਕੀਤੀਆਂ। ਇਹ ਮੋਰਚਾ 1925 ਵਿਚ ਸਮਾਪਤ ਹੋਇਆ।

ਤੇਜਾ ਸਿੰਘ ਸਮੁੰਦਰੀ ਦੀ...

ਤੇਜਾ ਸਿੰਘ ਸਮੁੰਦਰੀ ਗੁਰਦੁਆਰਾ ਸੁਧਾਰ ਲਹਿਰ ਦੇ ਪ੍ਰਮੁੱਖ ਆਗੂ ਸਨ। ਉਨ੍ਹਾਂ ਨੇ 1926 ਵਿਚ ਜੇਲ੍ਹ ਵਿਚ ਹੀ ਆਖਰੀ ਸਾਹ ਲਏ।

ਹਿੰਦੂਵਾਦੀਆਂ ਨੇ ਪਵਿੱਤਰ...

ਇਸ ਮਾਮਲੇ ਉੱਤੇ ਕਈ ਜਥੇਬੰਦੀਆਂ ਨੇ ਇਤਰਾਜ਼ ਜਤਾਇਆ ਹੈ ਅਤੇ ਕਾਰਵਾਈ ਦੀ ਮੰਗ ਕੀਤੀ ਹੈ।

ਚੰਡੀਗੜ੍ਹ ਅਤੇ ਹਰਿਆਣਾ...

ਮੌਸਮ ਵਿਭਾਗ ਨੇ ਚੰਡੀਗੜ੍ਹ ਅਤੇ ਹਰਿਆਣਾ ਵਿਚ ਭਾਰੀ ਮੀਂਹ ਦੀ ਚਿਤਾਵਨੀ ਜਾਰੀ ਕੀਤੀ ਹੈ। ਲੋਕਾਂ ਨੂੰ ਸੁਚੇਤ ਰਹਿਣ ਦੀ ਅਪੀਲ ਕੀਤੀ ਗਈ ਹੈ। ਪ੍ਰਸ਼ਾਸਨ ਨੇ ਹੜ੍ਹ ਵਰਗੀ ਸਥਿਤੀ ਨਾਲ ਨਜਿੱਠਣ ਲਈ ਪ੍ਰਬੰਧ ਕੀਤੇ ਹਨ।

ਮੌਸਮ ਵਿਭਾਗ ਨੇ ਚੰਡੀਗੜ੍ਹ ਅਤੇ ਹਰਿਆਣਾ ਵਿਚ ਭਾਰੀ ਮੀਂਹ ਦੀ ਚਿਤਾਵਨੀ ਜਾਰੀ ਕੀਤੀ ਹੈ। ਲੋਕਾਂ ਨੂੰ ਸੁਚੇਤ ਰਹਿਣ ਦੀ ਅਪੀਲ ਕੀਤੀ ਗਈ ਹੈ। ਪ੍ਰਸ਼ਾਸਨ ਨੇ ਹੜ੍ਹ ਵਰਗੀ ਸਥਿਤੀ ਨਾਲ ਨਜਿੱਠਣ ਲਈ ਪ੍ਰਬੰਧ ਕੀਤੇ ਹਨ।

ਡੀਏਪੀ ਘੁਟਾਲੇ ਨੇ...

ਡੀਏਪੀ ਖਾਦ ਦੀ ਕਾਲਾਬਾਜ਼ਾਰੀ ਦੇ ਮਾਮਲੇ ਵਿਚ ਜਾਂਚ ਸ਼ੁਰੂ ਕੀਤੀ ਗਈ ਹੈ। ਕਿਸਾਨਾਂ ਨੇ ਸਰਕਾਰ ਤੋਂ ਦੋਸ਼ੀਆਂ ਵਿਰੁੱਧ ਸਖ਼ਤ ਕਾਰਵਾਈ ਦੀ ਮੰਗ ਕੀਤੀ ਹੈ।

Editor, Printer and Publisher Jaspal Singh Heran on behalf of Pehredar Social Welfare Society Regd. 230/2008-2009 Printed at: Amar Ujala Publication Ltd Plot No. 22 Phase-2 Industrial Area Panchkula (Haryana) 134109 & Published From Pehredar 1731, Near Railway Phatak Tehsil road Jagraon (Ludhiana) 142026
